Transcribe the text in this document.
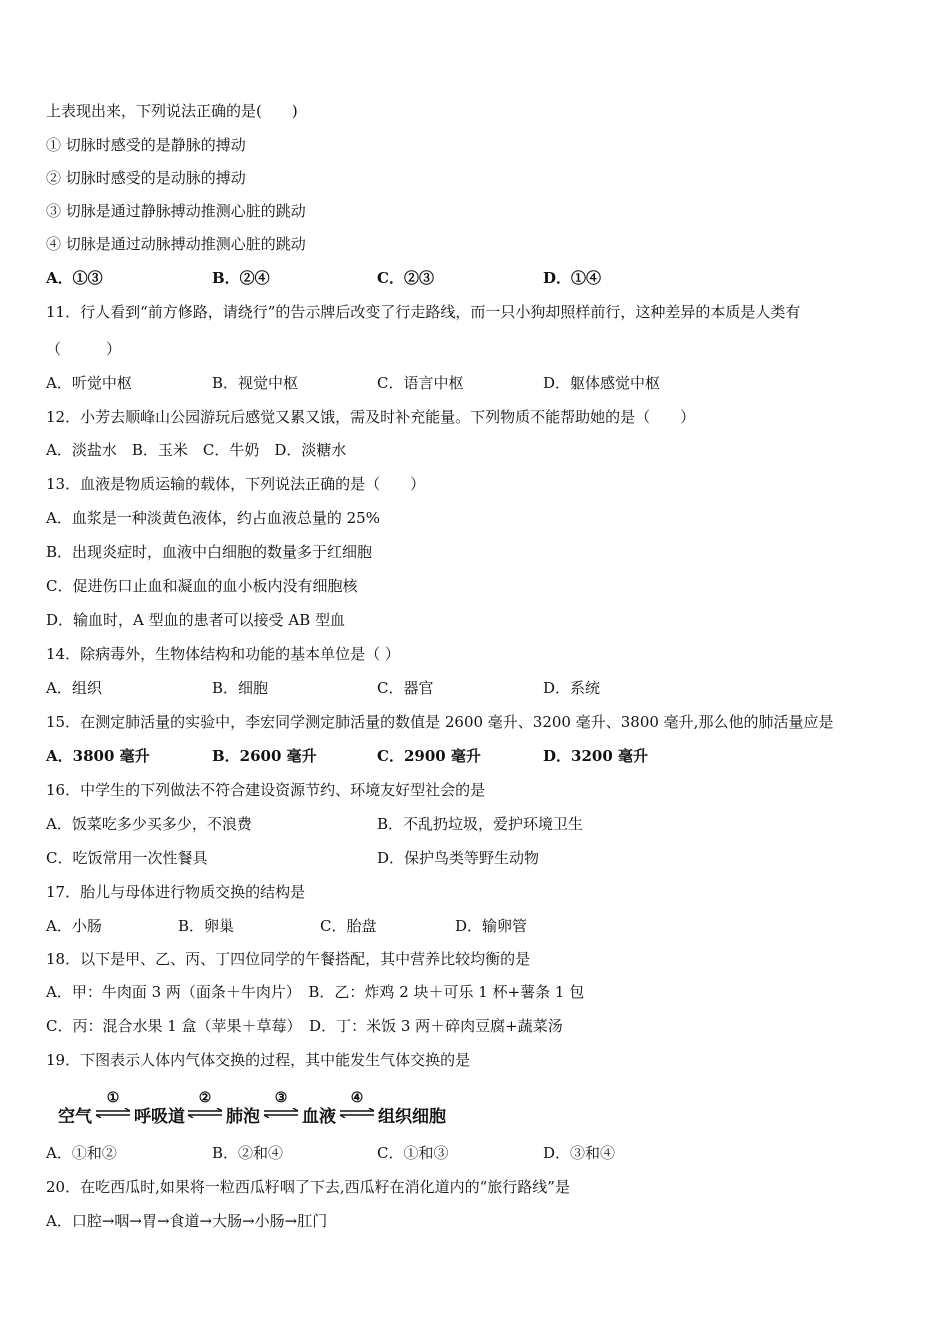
上表现出来，下列说法正确的是(　　)
① 切脉时感受的是静脉的搏动
② 切脉时感受的是动脉的搏动
③ 切脉是通过静脉搏动推测心脏的跳动
④ 切脉是通过动脉搏动推测心脏的跳动
A．①③	B．②④	C．②③	D．①④
11．行人看到“前方修路，请绕行”的告示牌后改变了行走路线，而一只小狗却照样前行，这种差异的本质是人类有
（　　　）
A．听觉中枢	B．视觉中枢	C．语言中枢	D．躯体感觉中枢
12．小芳去顺峰山公园游玩后感觉又累又饿，需及时补充能量。下列物质不能帮助她的是（　　）
A．淡盐水　B．玉米　C．牛奶　D．淡糖水
13．血液是物质运输的载体，下列说法正确的是（　　）
A．血浆是一种淡黄色液体，约占血液总量的 25%
B．出现炎症时，血液中白细胞的数量多于红细胞
C．促进伤口止血和凝血的血小板内没有细胞核
D．输血时，A 型血的患者可以接受 AB 型血
14．除病毒外，生物体结构和功能的基本单位是（ ）
A．组织	B．细胞	C．器官	D．系统
15．在测定肺活量的实验中，李宏同学测定肺活量的数值是 2600 毫升、3200 毫升、3800 毫升,那么他的肺活量应是
A．3800 毫升	B．2600 毫升	C．2900 毫升	D．3200 毫升
16．中学生的下列做法不符合建设资源节约、环境友好型社会的是
A．饭菜吃多少买多少，不浪费	B．不乱扔垃圾，爱护环境卫生
C．吃饭常用一次性餐具	D．保护鸟类等野生动物
17．胎儿与母体进行物质交换的结构是
A．小肠	B．卵巢	C．胎盘	D．输卵管
18．以下是甲、乙、丙、丁四位同学的午餐搭配，其中营养比较均衡的是
A．甲：牛肉面 3 两（面条＋牛肉片）　B．乙：炸鸡 2 块＋可乐 1 杯+薯条 1 包
C．丙：混合水果 1 盒（苹果＋草莓）　D．丁：米饭 3 两＋碎肉豆腐+蔬菜汤
19．下图表示人体内气体交换的过程，其中能发生气体交换的是
空气
①
呼吸道
②
肺泡
③
血液
④
组织细胞
A．①和②	B．②和④	C．①和③	D．③和④
20．在吃西瓜时,如果将一粒西瓜籽咽了下去,西瓜籽在消化道内的“旅行路线”是
A．口腔→咽→胃→食道→大肠→小肠→肛门
